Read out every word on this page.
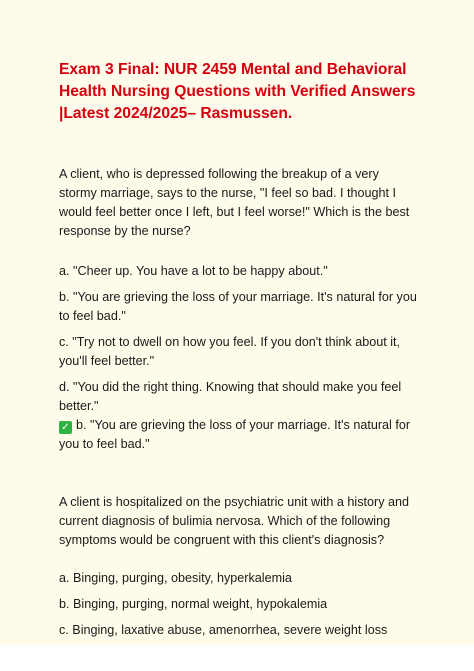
Exam 3 Final: NUR 2459 Mental and Behavioral Health Nursing Questions with Verified Answers |Latest 2024/2025– Rasmussen.

A client, who is depressed following the breakup of a very stormy marriage, says to the nurse, "I feel so bad. I thought I would feel better once I left, but I feel worse!" Which is the best response by the nurse?

a. "Cheer up. You have a lot to be happy about."

b. "You are grieving the loss of your marriage. It's natural for you to feel bad."

c. "Try not to dwell on how you feel. If you don't think about it, you'll feel better."

d. "You did the right thing. Knowing that should make you feel better."

✓ b. "You are grieving the loss of your marriage. It's natural for you to feel bad."

A client is hospitalized on the psychiatric unit with a history and current diagnosis of bulimia nervosa. Which of the following symptoms would be congruent with this client's diagnosis?

a. Binging, purging, obesity, hyperkalemia

b. Binging, purging, normal weight, hypokalemia

c. Binging, laxative abuse, amenorrhea, severe weight loss
